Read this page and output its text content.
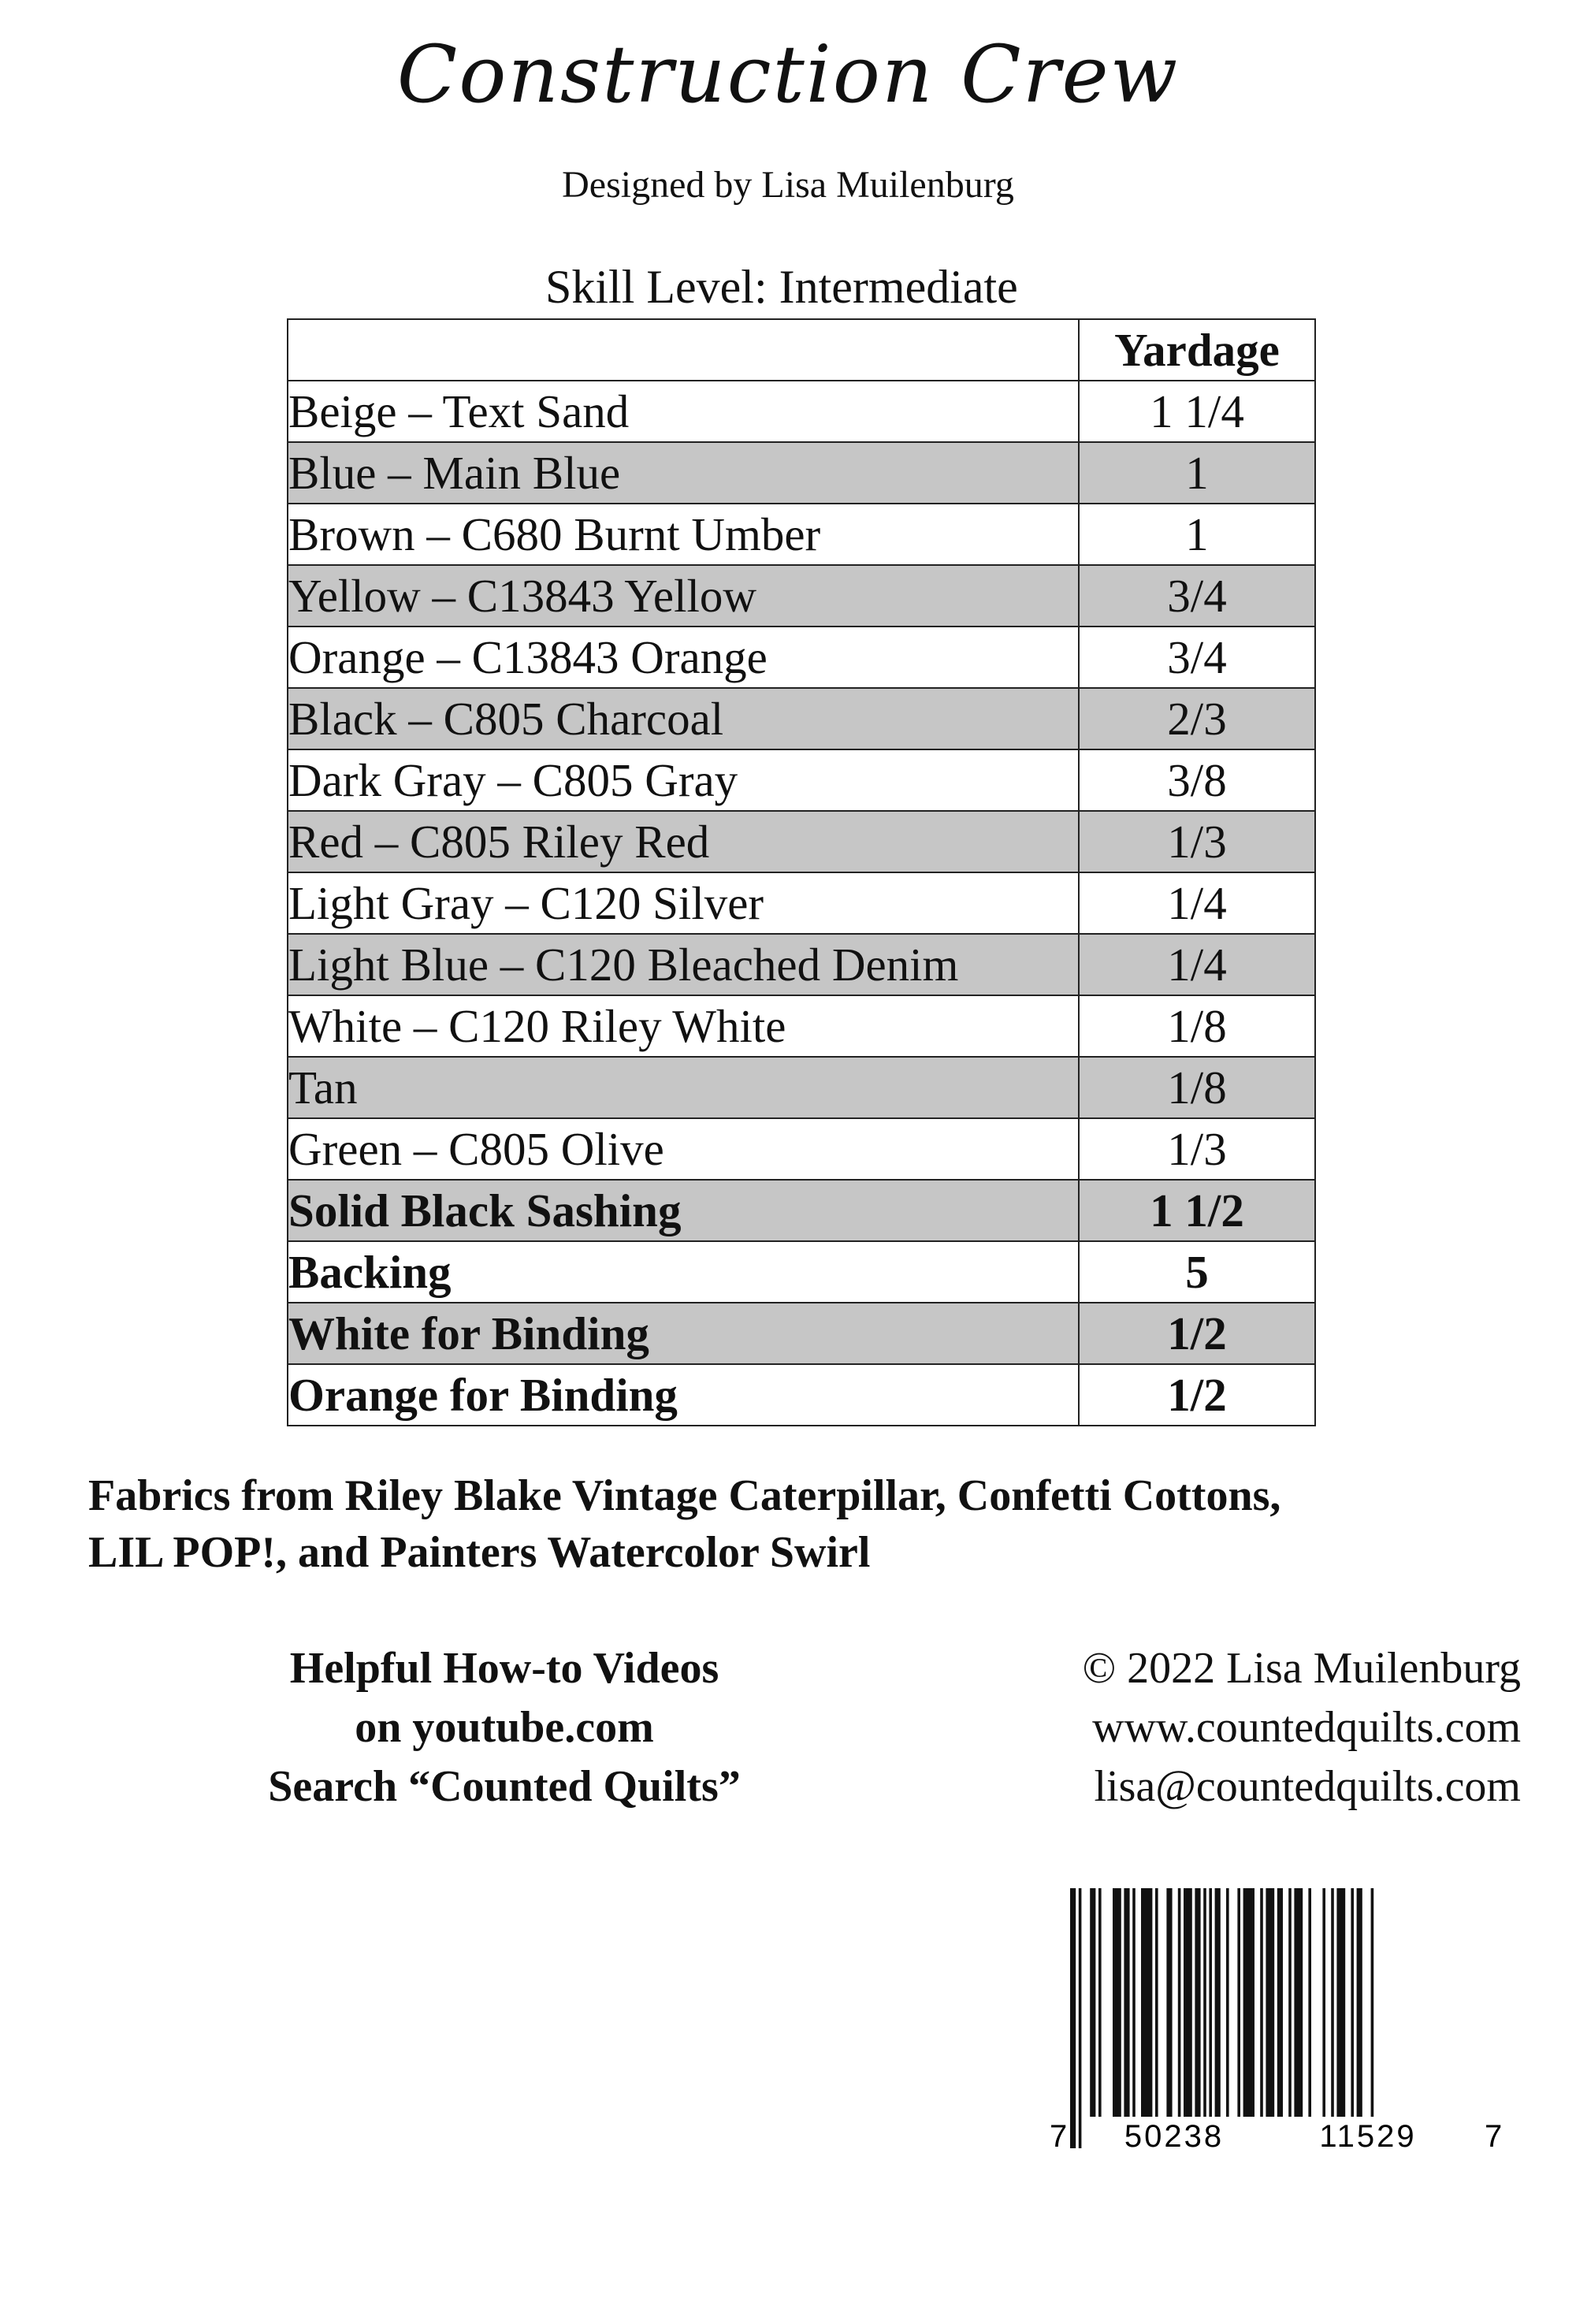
Construction Crew
Designed by Lisa Muilenburg
Skill Level: Intermediate
	Yardage
Beige – Text Sand	1 1/4
Blue – Main Blue	1
Brown – C680 Burnt Umber	1
Yellow – C13843 Yellow	3/4
Orange – C13843 Orange	3/4
Black – C805 Charcoal	2/3
Dark Gray – C805 Gray	3/8
Red – C805 Riley Red	1/3
Light Gray – C120 Silver	1/4
Light Blue – C120 Bleached Denim	1/4
White – C120 Riley White	1/8
Tan	1/8
Green – C805 Olive	1/3
Solid Black Sashing	1 1/2
Backing	5
White for Binding	1/2
Orange for Binding	1/2
Fabrics from Riley Blake Vintage Caterpillar, Confetti Cottons,
LIL POP!, and Painters Watercolor Swirl
Helpful How-to Videos
on youtube.com
Search “Counted Quilts”
© 2022 Lisa Muilenburg
www.countedquilts.com
lisa@countedquilts.com
7 50238	11529 7
